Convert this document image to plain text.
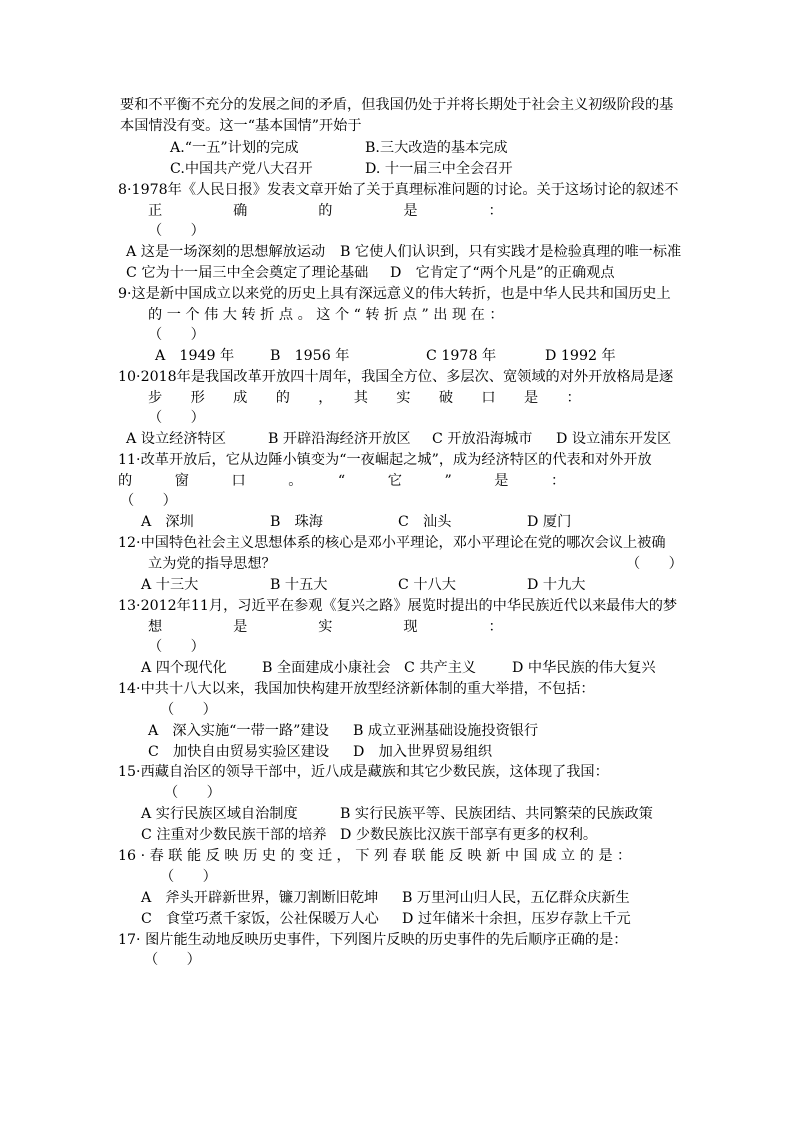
要和不平衡不充分的发展之间的矛盾，但我国仍处于并将长期处于社会主义初级阶段的基
本国情没有变。这一“基本国情”开始于
A.“一五”计划的完成	B.三大改造的基本完成
C.中国共产党八大召开	D. 十一届三中全会召开
8·1978年《人民日报》发表文章开始了关于真理标准问题的讨论。关于这场讨论的叙述不
正　　　　　确　　　　　的　　　　　是　　　　　：
（　　）
A 这是一场深刻的思想解放运动 B 它使人们认识到，只有实践才是检验真理的唯一标准
C 它为十一届三中全会奠定了理论基础 D　它肯定了“两个凡是”的正确观点
9·这是新中国成立以来党的历史上具有深远意义的伟大转折，也是中华人民共和国历史上
的 一 个 伟 大 转 折 点 。 这 个 “ 转 折 点 ” 出 现 在 ：
（　　）
A　1949 年	B　1956 年	C 1978 年	D 1992 年
10·2018年是我国改革开放四十周年，我国全方位、多层次、宽领域的对外开放格局是逐
步　　形　　成　　的　　，　　其　　实　　破　　口　　是　　：
（　　）
A 设立经济特区	B 开辟沿海经济开放区 C 开放沿海城市 D 设立浦东开发区
11·改革开放后，它从边陲小镇变为“一夜崛起之城”，成为经济特区的代表和对外开放
的　　　窗　　　口　　　。　　　“　　　它　　　”　　　是　　　：
（　　）
A　深圳	B　珠海	C　汕头	D 厦门
12·中国特色社会主义思想体系的核心是邓小平理论，邓小平理论在党的哪次会议上被确
立为党的指导思想？	（　　）
A 十三大	B 十五大	C 十八大	D 十九大
13·2012年11月，习近平在参观《复兴之路》展览时提出的中华民族近代以来最伟大的梦
想　　　　　是　　　　　实　　　　　现　　　　　：
（　　）
A 四个现代化 B 全面建成小康社会 C 共产主义	D 中华民族的伟大复兴
14·中共十八大以来，我国加快构建开放型经济新体制的重大举措，不包括：
（　　）
A　深入实施“一带一路”建设 B 成立亚洲基础设施投资银行
C　加快自由贸易实验区建设 D　加入世界贸易组织
15·西藏自治区的领导干部中，近八成是藏族和其它少数民族，这体现了我国：
（　　）
A 实行民族区域自治制度	B 实行民族平等、民族团结、共同繁荣的民族政策
C 注重对少数民族干部的培养 D 少数民族比汉族干部享有更多的权利。
16 · 春 联 能 反 映 历 史 的 变 迁 ， 下 列 春 联 能 反 映 新 中 国 成 立 的 是 ：
（　　）
A　斧头开辟新世界，镰刀割断旧乾坤 B 万里河山归人民，五亿群众庆新生
C　食堂巧煮千家饭，公社保暖万人心 D 过年储米十余担，压岁存款上千元
17· 图片能生动地反映历史事件，下列图片反映的历史事件的先后顺序正确的是：
（　　）
